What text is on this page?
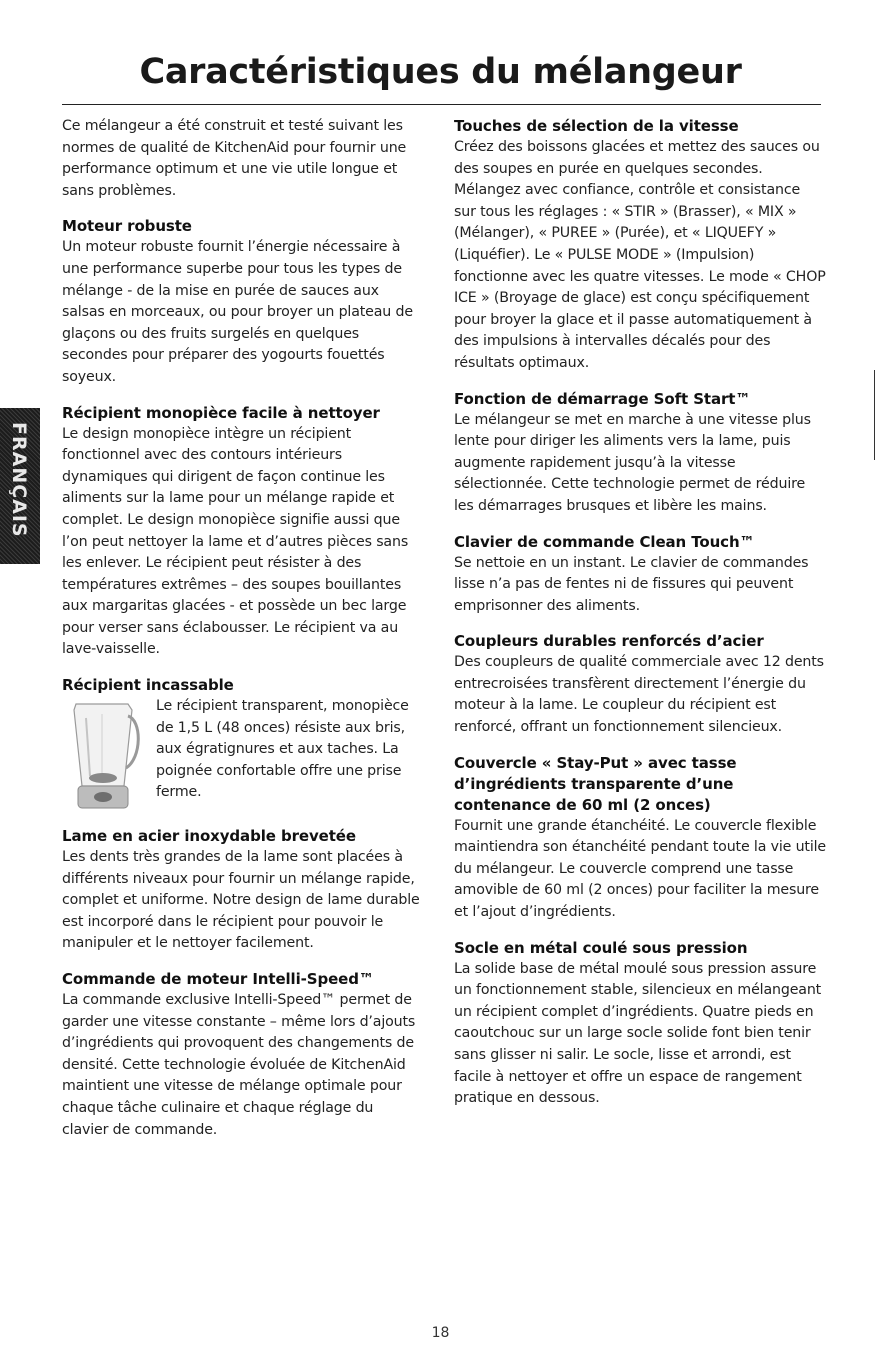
Caractéristiques du mélangeur
FRANÇAIS

Ce mélangeur a été construit et testé suivant les normes de qualité de KitchenAid pour fournir une performance optimum et une vie utile longue et sans problèmes.

Moteur robuste

Un moteur robuste fournit l’énergie nécessaire à une performance superbe pour tous les types de mélange - de la mise en purée de sauces aux salsas en morceaux, ou pour broyer un plateau de glaçons ou des fruits surgelés en quelques secondes pour préparer des yogourts fouettés soyeux.

Récipient monopièce facile à nettoyer

Le design monopièce intègre un récipient fonctionnel avec des contours intérieurs dynamiques qui dirigent de façon continue les aliments sur la lame pour un mélange rapide et complet. Le design monopièce signifie aussi que l’on peut nettoyer la lame et d’autres pièces sans les enlever. Le récipient peut résister à des températures extrêmes – des soupes bouillantes aux margaritas glacées - et possède un bec large pour verser sans éclabousser. Le récipient va au lave-vaisselle.

Récipient incassable

Le récipient transparent, monopièce de 1,5 L (48 onces) résiste aux bris, aux égratignures et aux taches. La poignée confortable offre une prise ferme.

Lame en acier inoxydable brevetée

Les dents très grandes de la lame sont placées à différents niveaux pour fournir un mélange rapide, complet et uniforme. Notre design de lame durable est incorporé dans le récipient pour pouvoir le manipuler et le nettoyer facilement.

Commande de moteur Intelli-Speed™

La commande exclusive Intelli-Speed™ permet de garder une vitesse constante – même lors d’ajouts d’ingrédients qui provoquent des changements de densité. Cette technologie évoluée de KitchenAid maintient une vitesse de mélange optimale pour chaque tâche culinaire et chaque réglage du clavier de commande.

Touches de sélection de la vitesse

Créez des boissons glacées et mettez des sauces ou des soupes en purée en quelques secondes. Mélangez avec confiance, contrôle et consistance sur tous les réglages : « STIR » (Brasser), « MIX » (Mélanger), « PUREE » (Purée), et « LIQUEFY » (Liquéfier). Le « PULSE MODE » (Impulsion) fonctionne avec les quatre vitesses. Le mode « CHOP ICE » (Broyage de glace) est conçu spécifiquement pour broyer la glace et il passe automatiquement à des impulsions à intervalles décalés pour des résultats optimaux.

Fonction de démarrage Soft Start™

Le mélangeur se met en marche à une vitesse plus lente pour diriger les aliments vers la lame, puis augmente rapidement jusqu’à la vitesse sélectionnée. Cette technologie permet de réduire les démarrages brusques et libère les mains.

Clavier de commande Clean Touch™

Se nettoie en un instant. Le clavier de commandes lisse n’a pas de fentes ni de fissures qui peuvent emprisonner des aliments.

Coupleurs durables renforcés d’acier

Des coupleurs de qualité commerciale avec 12 dents entrecroisées transfèrent directement l’énergie du moteur à la lame. Le coupleur du récipient est renforcé, offrant un fonctionnement silencieux.

Couvercle « Stay-Put » avec tasse d’ingrédients transparente d’une contenance de 60 ml (2 onces)

Fournit une grande étanchéité. Le couvercle flexible maintiendra son étanchéité pendant toute la vie utile du mélangeur. Le couvercle comprend une tasse amovible de 60 ml (2 onces) pour faciliter la mesure et l’ajout d’ingrédients.

Socle en métal coulé sous pression

La solide base de métal moulé sous pression assure un fonctionnement stable, silencieux en mélangeant un récipient complet d’ingrédients. Quatre pieds en caoutchouc sur un large socle solide font bien tenir sans glisser ni salir. Le socle, lisse et arrondi, est facile à nettoyer et offre un espace de rangement pratique en dessous.

18
